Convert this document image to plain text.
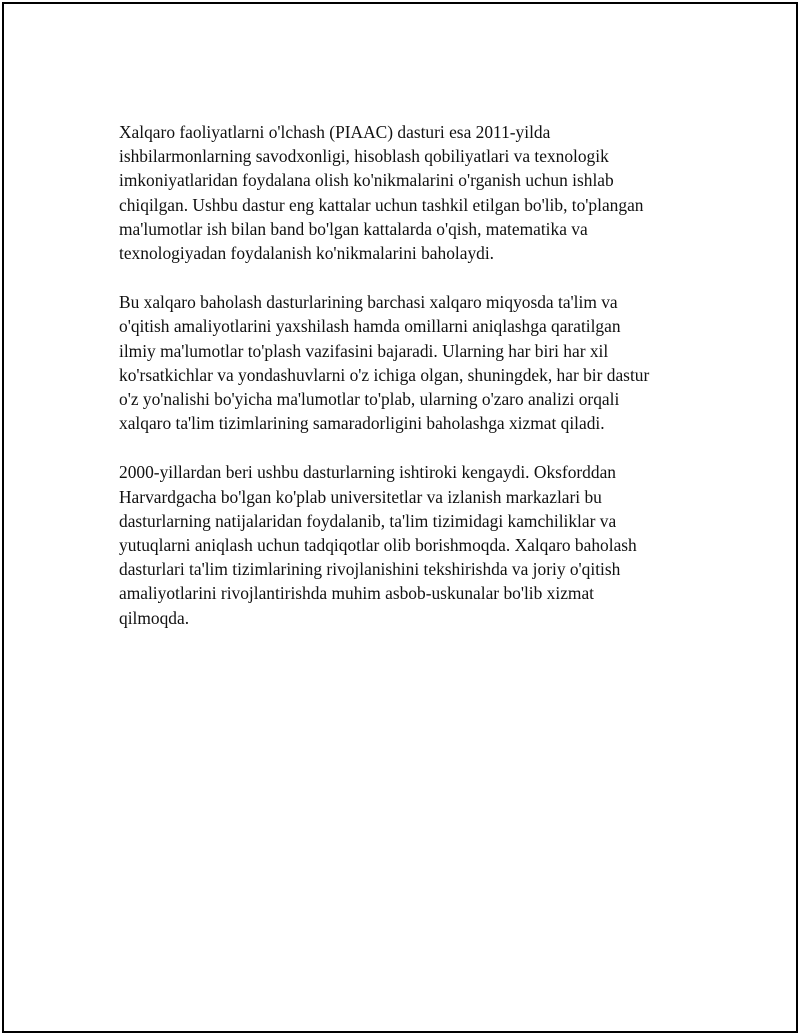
Xalqaro faoliyatlarni o'lchash (PIAAC) dasturi esa 2011-yilda
ishbilarmonlarning savodxonligi, hisoblash qobiliyatlari va texnologik
imkoniyatlaridan foydalana olish ko'nikmalarini o'rganish uchun ishlab
chiqilgan. Ushbu dastur eng kattalar uchun tashkil etilgan bo'lib, to'plangan
ma'lumotlar ish bilan band bo'lgan kattalarda o'qish, matematika va
texnologiyadan foydalanish ko'nikmalarini baholaydi.

Bu xalqaro baholash dasturlarining barchasi xalqaro miqyosda ta'lim va
o'qitish amaliyotlarini yaxshilash hamda omillarni aniqlashga qaratilgan
ilmiy ma'lumotlar to'plash vazifasini bajaradi. Ularning har biri har xil
ko'rsatkichlar va yondashuvlarni o'z ichiga olgan, shuningdek, har bir dastur
o'z yo'nalishi bo'yicha ma'lumotlar to'plab, ularning o'zaro analizi orqali
xalqaro ta'lim tizimlarining samaradorligini baholashga xizmat qiladi.

2000-yillardan beri ushbu dasturlarning ishtiroki kengaydi. Oksforddan
Harvardgacha bo'lgan ko'plab universitetlar va izlanish markazlari bu
dasturlarning natijalaridan foydalanib, ta'lim tizimidagi kamchiliklar va
yutuqlarni aniqlash uchun tadqiqotlar olib borishmoqda. Xalqaro baholash
dasturlari ta'lim tizimlarining rivojlanishini tekshirishda va joriy o'qitish
amaliyotlarini rivojlantirishda muhim asbob-uskunalar bo'lib xizmat
qilmoqda.
